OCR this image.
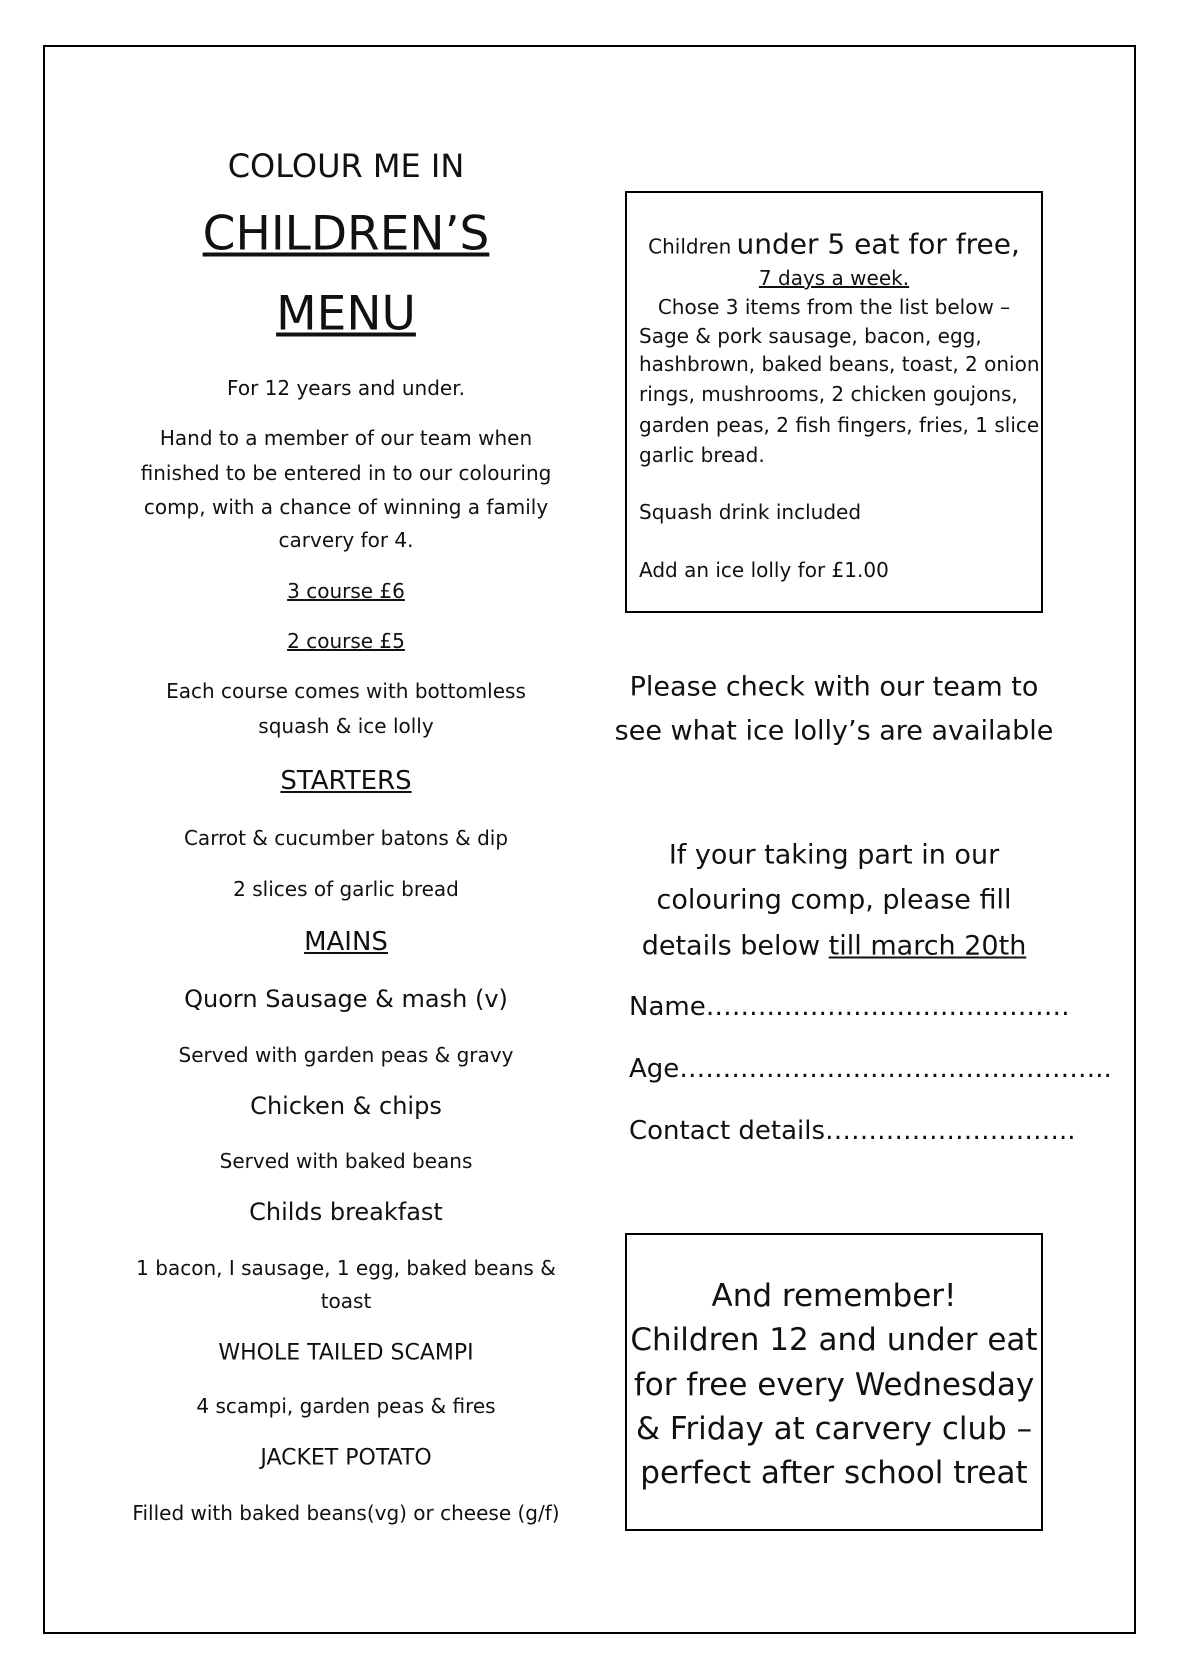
COLOUR ME IN
CHILDREN’S
MENU
For 12 years and under.
Hand to a member of our team when
finished to be entered in to our colouring
comp, with a chance of winning a family
carvery for 4.
3 course £6
2 course £5
Each course comes with bottomless
squash & ice lolly
STARTERS
Carrot & cucumber batons & dip
2 slices of garlic bread
MAINS
Quorn Sausage & mash (v)
Served with garden peas & gravy
Chicken & chips
Served with baked beans
Childs breakfast
1 bacon, I sausage, 1 egg, baked beans &
toast
WHOLE TAILED SCAMPI
4 scampi, garden peas & fires
JACKET POTATO
Filled with baked beans(vg) or cheese (g/f)
Children under 5 eat for free,
7 days a week.
Chose 3 items from the list below –
Sage & pork sausage, bacon, egg,
hashbrown, baked beans, toast, 2 onion
rings, mushrooms, 2 chicken goujons,
garden peas, 2 fish fingers, fries, 1 slice
garlic bread.
Squash drink included
Add an ice lolly for £1.00
Please check with our team to
see what ice lolly’s are available
If your taking part in our
colouring comp, please fill
details below till march 20th
Name……………………………………
Age…………………………………………..
Contact details………………………..
And remember!
Children 12 and under eat
for free every Wednesday
& Friday at carvery club –
perfect after school treat
